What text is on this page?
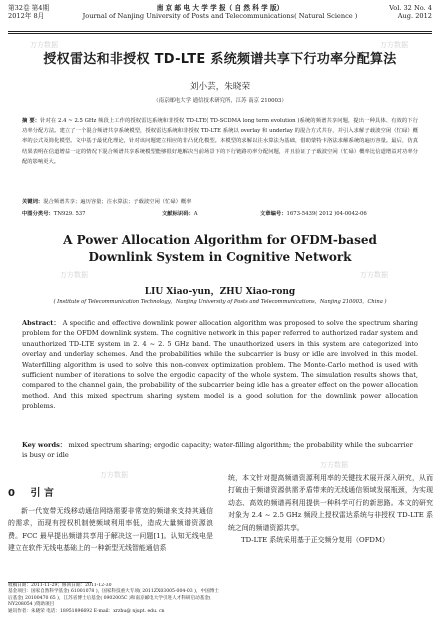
第32卷 第4期
2012年 8月
南 京 邮 电 大 学 学 报（ 自 然 科 学 版）
Journal of Nanjing University of Posts and Telecommunications( Natural Science )
Vol. 32 No. 4
Aug. 2012
授权雷达和非授权 TD-LTE 系统频谱共享下行功率分配算法
刘小芸，朱晓荣
（南京邮电大学 通信技术研究所，江苏 南京 210003）
摘 要：针对在 2.4 ~ 2.5 GHz 频段上工作的授权雷达系统和非授权 TD-LTE( TD-SCDMA long term evolution )系统的频谱共享问题，提出一种具体、有效的下行功率分配方法。建立了一个混合频谱共享系统模型，授权雷达系统和非授权 TD-LTE 系统以 overlay 和 underlay 的混合方式共存，并引入求解子载波空闲（忙碌）概率的公式及简化模型。文中基于最优化理论，针对该问题建立相应的非凸优化模型。本模型的求解以注水算法为基础，借助蒙特卡洛法求解系统的遍历容量。最后，仿真结果表明在信道增益一定的情况下混合频谱共享系统模型能够很好地解决当前场景下的下行链路功率分配问题，并且验证了子载波空闲（忙碌）概率比信道增益对功率分配的影响更大。
关键词：混合频谱共享；遍历容量；注水算法；子载波空闲（忙碌）概率
中图分类号：TN929. 537	文献标识码：A	文章编号：1673-5439( 2012 )04-0042-06
A Power Allocation Algorithm for OFDM-based Downlink System in Cognitive Network
LIU Xiao-yun，ZHU Xiao-rong
( Institute of Telecommunication Technology，Nanjing University of Posts and Telecommunications，Nanjing 210003，China )
Abstract： A specific and effective downlink power allocation algorithm was proposed to solve the spectrum sharing problem for the OFDM downlink system. The cognitive network in this paper referred to authorized radar system and unauthorized TD-LTE system in 2. 4 ~ 2. 5 GHz band. The unauthorized users in this system are categorized into overlay and underlay schemes. And the probabilities while the subcarrier is busy or idle are involved in this model. Waterfilling algorithm is used to solve this non-convex optimization problem. The Monte-Carlo method is used with sufficient number of iterations to solve the ergodic capacity of the whole system. The simulation results shows that, compared to the channel gain, the probability of the subcarrier being idle has a greater effect on the power allocation method. And this mixed spectrum sharing system model is a good solution for the downlink power allocation problems.
Key words： mixed spectrum sharing; ergodic capacity; water-filling algorithm; the probability while the subcarrier is busy or idle
0 引 言

新一代宽带无线移动通信网络需要非常宽的频谱来支持其通信的需求，而现有授权机制使频域利用率低，造成大量频谱资源浪费。FCC 最早提出频谱共享用于解决这一问题[1]。认知无线电是建立在软件无线电基础上的一种新型无线智能通信系

统，本文针对提高频谱资源利用率的关键技术展开深入研究，从而打破由于频谱资源供需矛盾带来的无线通信领域发展瓶颈，为实现动态、高效的频谱再利用提供一种科学可行的新思路。本文的研究对象为 2.4 ~ 2.5 GHz 频段上授权雷达系统与非授权 TD-LTE 系统之间的频谱资源共享。

TD-LTE 系统采用基于正交频分复用（OFDM）

收稿日期：2011-11-29；修回日期：2011-12-30
基金项目：国家自然科学基金( 61001078 )，国家科技重大专项( 2011ZX03005-004-03 )，中国博士后基金( 20100470 65 )，江苏省博士后基金( 0902005C )和南京邮电大学引进人才科研启动基金( NY208054 )资助项目
通讯作者：朱晓荣 电话：18951896692 E-mail：xrzhu@ njupt. edu. cn
万方数据	万方数据
万方数据	万方数据
万方数据
万方数据
